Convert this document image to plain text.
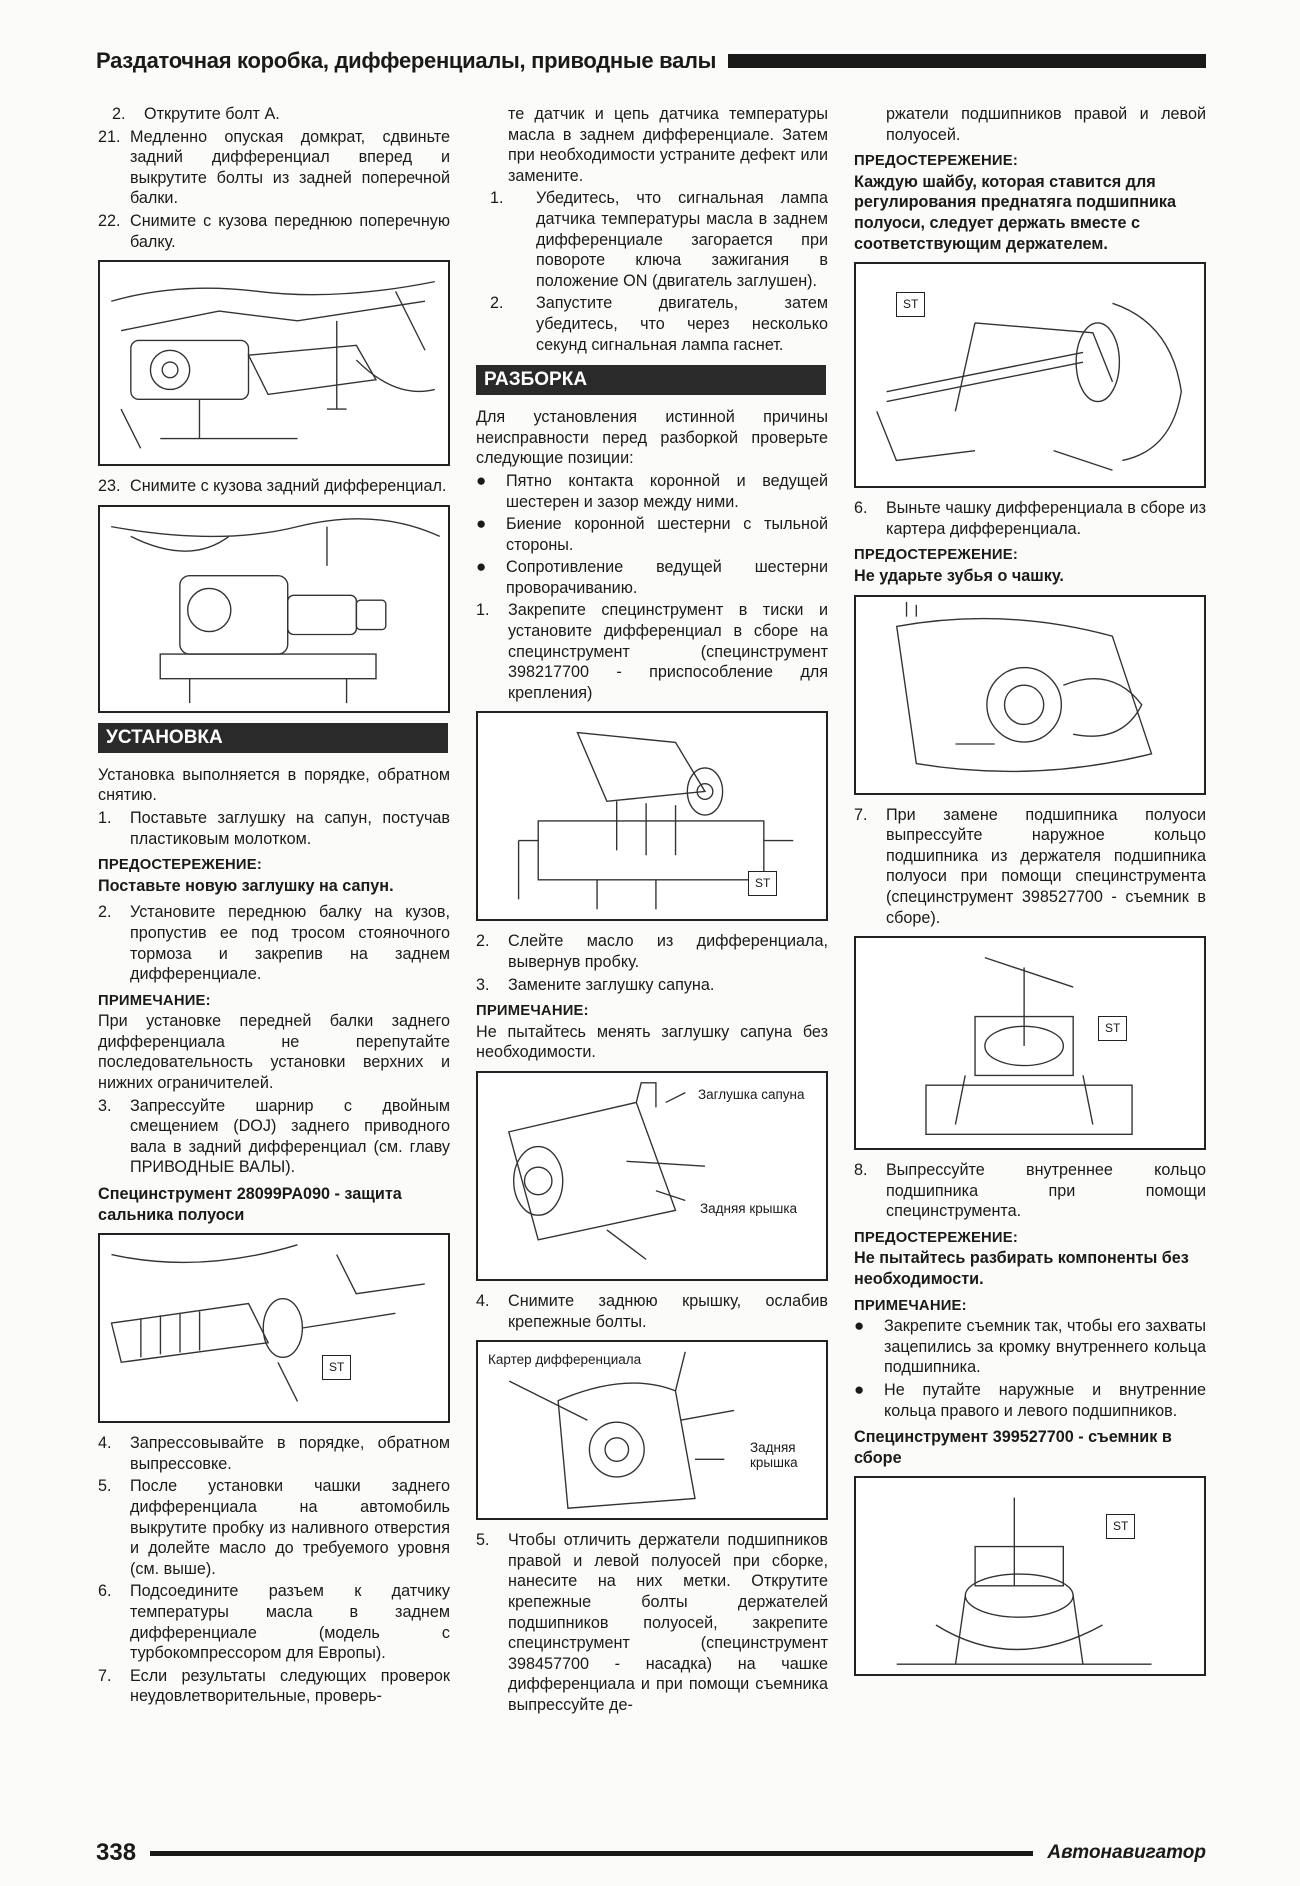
Раздаточная коробка, дифференциалы, приводные валы
2.	Открутите болт A.
21. Медленно опуская домкрат, сдвиньте задний дифференциал вперед и выкрутите болты из задней поперечной балки.
22. Снимите с кузова переднюю поперечную балку.
23. Снимите с кузова задний дифференциал.
УСТАНОВКА

Установка выполняется в порядке, обратном снятию.

1.	Поставьте заглушку на сапун, постучав пластиковым молотком.
ПРЕДОСТЕРЕЖЕНИЕ:
Поставьте новую заглушку на сапун.
2.	Установите переднюю балку на кузов, пропустив ее под тросом стояночного тормоза и закрепив на заднем дифференциале.
ПРИМЕЧАНИЕ:

При установке передней балки заднего дифференциала не перепутайте последовательность установки верхних и нижних ограничителей.

3.	Запрессуйте шарнир с двойным смещением (DOJ) заднего приводного вала в задний дифференциал (см. главу ПРИВОДНЫЕ ВАЛЫ).
Специнструмент 28099PA090 - защита сальника полуоси
ST
4.	Запрессовывайте в порядке, обратном выпрессовке.
5.	После установки чашки заднего дифференциала на автомобиль выкрутите пробку из наливного отверстия и долейте масло до требуемого уровня (см. выше).
6.	Подсоедините разъем к датчику температуры масла в заднем дифференциале (модель с турбокомпрессором для Европы).
7.	Если результаты следующих проверок неудовлетворительные, проверь-

те датчик и цепь датчика температуры масла в заднем дифференциале. Затем при необходимости устраните дефект или замените.

1.	Убедитесь, что сигнальная лампа датчика температуры масла в заднем дифференциале загорается при повороте ключа зажигания в положение ON (двигатель заглушен).
2.	Запустите двигатель, затем убедитесь, что через несколько секунд сигнальная лампа гаснет.
РАЗБОРКА

Для установления истинной причины неисправности перед разборкой проверьте следующие позиции:

●	Пятно контакта коронной и ведущей шестерен и зазор между ними.
●	Биение коронной шестерни с тыльной стороны.
●	Сопротивление ведущей шестерни проворачиванию.
1.	Закрепите специнструмент в тиски и установите дифференциал в сборе на специнструмент (специнструмент 398217700 - приспособление для крепления)
ST
2.	Слейте масло из дифференциала, вывернув пробку.
3.	Замените заглушку сапуна.
ПРИМЕЧАНИЕ:

Не пытайтесь менять заглушку сапуна без необходимости.

Заглушка сапуна
Задняя крышка
4.	Снимите заднюю крышку, ослабив крепежные болты.
Картер дифференциала
Задняя крышка
5.	Чтобы отличить держатели подшипников правой и левой полуосей при сборке, нанесите на них метки. Открутите крепежные болты держателей подшипников полуосей, закрепите специнструмент (специнструмент 398457700 - насадка) на чашке дифференциала и при помощи съемника выпрессуйте де-

ржатели подшипников правой и левой полуосей.

ПРЕДОСТЕРЕЖЕНИЕ:
Каждую шайбу, которая ставится для регулирования преднатяга подшипника полуоси, следует держать вместе с соответствующим держателем.
ST
6.	Выньте чашку дифференциала в сборе из картера дифференциала.
ПРЕДОСТЕРЕЖЕНИЕ:
Не ударьте зубья о чашку.
7.	При замене подшипника полуоси выпрессуйте наружное кольцо подшипника из держателя подшипника полуоси при помощи специнструмента (специнструмент 398527700 - съемник в сборе).
ST
8.	Выпрессуйте внутреннее кольцо подшипника при помощи специнструмента.
ПРЕДОСТЕРЕЖЕНИЕ:
Не пытайтесь разбирать компоненты без необходимости.
ПРИМЕЧАНИЕ:
●	Закрепите съемник так, чтобы его захваты зацепились за кромку внутреннего кольца подшипника.
●	Не путайте наружные и внутренние кольца правого и левого подшипников.
Специнструмент 399527700 - съемник в сборе
ST
338	Автонавигатор
